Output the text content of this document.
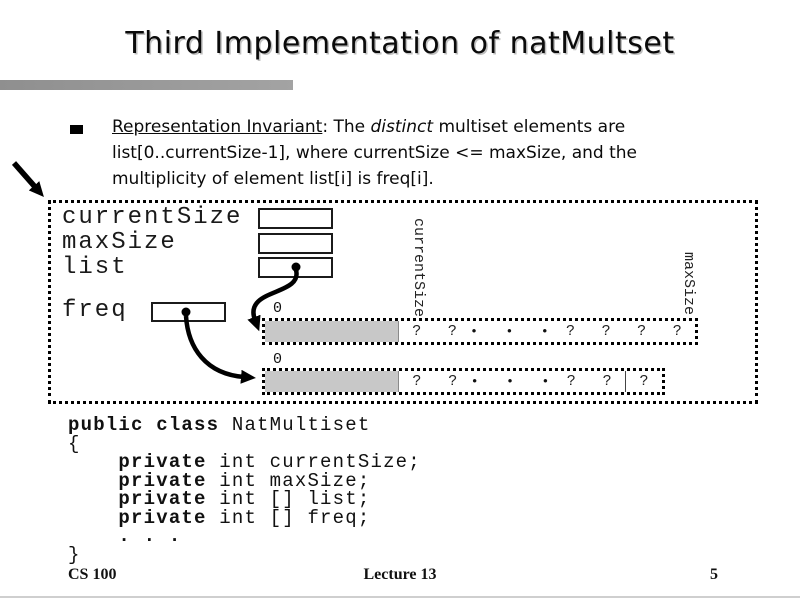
Third Implementation of natMultset
Representation Invariant: The distinct multiset elements are list[0..currentSize-1], where currentSize <= maxSize, and the multiplicity of element list[i] is freq[i].
currentSize
maxSize
list
freq	currentSize	maxSize
0
0
?	?	•  •  • ?	?	?	?
?	?	•  •  • ?	?	?
public class NatMultiset
{
private int currentSize;
private int maxSize;
private int [] list;
private int [] freq;
. . .
}
CS 100	Lecture 13	5
